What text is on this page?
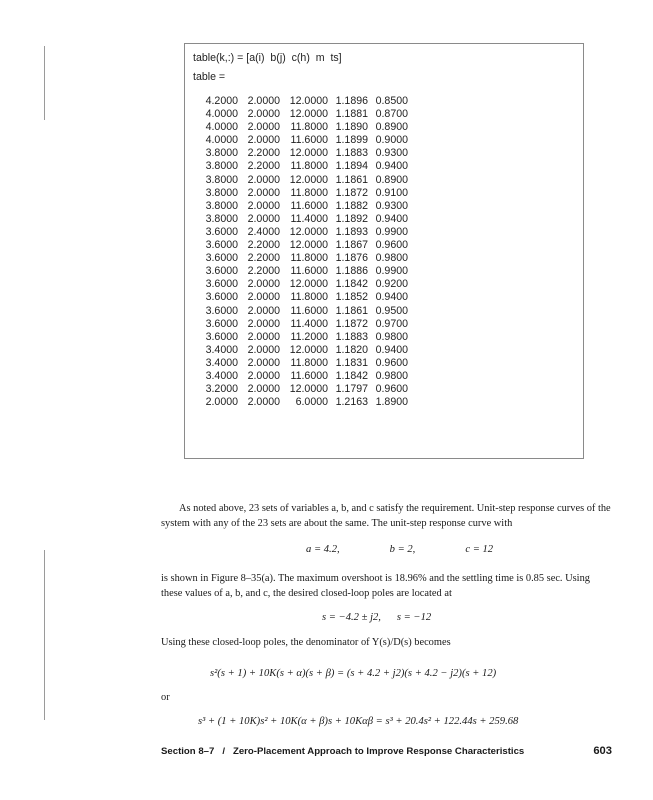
table(k,:) = [a(i)  b(j)  c(h)  m  ts]
table =
4.2000 2.0000 12.0000 1.1896 0.8500
4.0000 2.0000 12.0000 1.1881 0.8700
4.0000 2.0000 11.8000 1.1890 0.8900
4.0000 2.0000 11.6000 1.1899 0.9000
3.8000 2.2000 12.0000 1.1883 0.9300
3.8000 2.2000 11.8000 1.1894 0.9400
3.8000 2.0000 12.0000 1.1861 0.8900
3.8000 2.0000 11.8000 1.1872 0.9100
3.8000 2.0000 11.6000 1.1882 0.9300
3.8000 2.0000 11.4000 1.1892 0.9400
3.6000 2.4000 12.0000 1.1893 0.9900
3.6000 2.2000 12.0000 1.1867 0.9600
3.6000 2.2000 11.8000 1.1876 0.9800
3.6000 2.2000 11.6000 1.1886 0.9900
3.6000 2.0000 12.0000 1.1842 0.9200
3.6000 2.0000 11.8000 1.1852 0.9400
3.6000 2.0000 11.6000 1.1861 0.9500
3.6000 2.0000 11.4000 1.1872 0.9700
3.6000 2.0000 11.2000 1.1883 0.9800
3.4000 2.0000 12.0000 1.1820 0.9400
3.4000 2.0000 11.8000 1.1831 0.9600
3.4000 2.0000 11.6000 1.1842 0.9800
3.2000 2.0000 12.0000 1.1797 0.9600
2.0000 2.0000 6.0000 1.2163 1.8900
As noted above, 23 sets of variables a, b, and c satisfy the requirement. Unit-step response curves of the system with any of the 23 sets are about the same. The unit-step response curve with
a = 4.2,	b = 2,	c = 12
is shown in Figure 8–35(a). The maximum overshoot is 18.96% and the settling time is 0.85 sec. Using these values of a, b, and c, the desired closed-loop poles are located at
s = −4.2 ± j2,      s = −12
Using these closed-loop poles, the denominator of Y(s)/D(s) becomes
s²(s + 1) + 10K(s + α)(s + β) = (s + 4.2 + j2)(s + 4.2 − j2)(s + 12)
or
s³ + (1 + 10K)s² + 10K(α + β)s + 10Kαβ = s³ + 20.4s² + 122.44s + 259.68
Section 8–7   /   Zero-Placement Approach to Improve Response Characteristics	603
